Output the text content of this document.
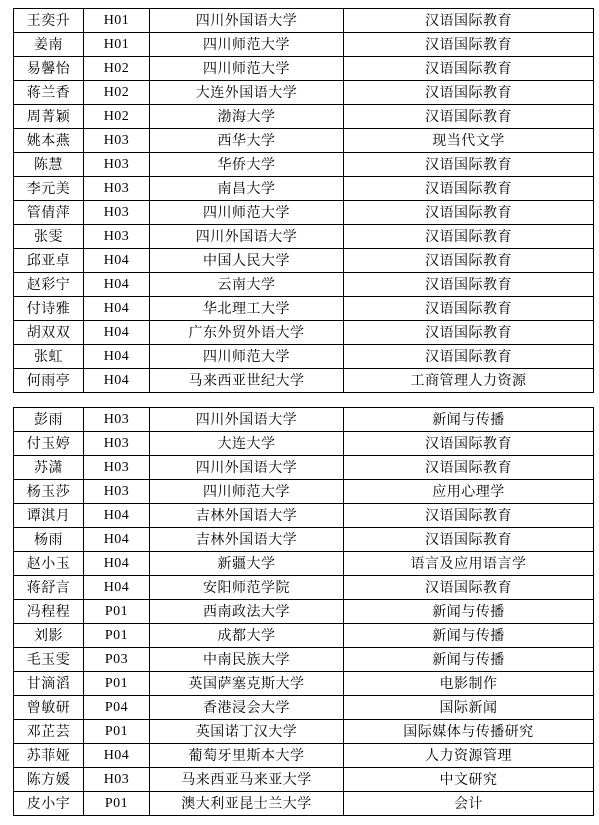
王奕升	H01	四川外国语大学	汉语国际教育
姜南	H01	四川师范大学	汉语国际教育
易馨怡	H02	四川师范大学	汉语国际教育
蒋兰香	H02	大连外国语大学	汉语国际教育
周菁颖	H02	渤海大学	汉语国际教育
姚本燕	H03	西华大学	现当代文学
陈慧	H03	华侨大学	汉语国际教育
李元美	H03	南昌大学	汉语国际教育
管倩萍	H03	四川师范大学	汉语国际教育
张雯	H03	四川外国语大学	汉语国际教育
邱亚卓	H04	中国人民大学	汉语国际教育
赵彩宁	H04	云南大学	汉语国际教育
付诗雅	H04	华北理工大学	汉语国际教育
胡双双	H04	广东外贸外语大学	汉语国际教育
张虹	H04	四川师范大学	汉语国际教育
何雨亭	H04	马来西亚世纪大学	工商管理人力资源
彭雨	H03	四川外国语大学	新闻与传播
付玉婷	H03	大连大学	汉语国际教育
苏潇	H03	四川外国语大学	汉语国际教育
杨玉莎	H03	四川师范大学	应用心理学
谭淇月	H04	吉林外国语大学	汉语国际教育
杨雨	H04	吉林外国语大学	汉语国际教育
赵小玉	H04	新疆大学	语言及应用语言学
蒋舒言	H04	安阳师范学院	汉语国际教育
冯程程	P01	西南政法大学	新闻与传播
刘影	P01	成都大学	新闻与传播
毛玉雯	P03	中南民族大学	新闻与传播
甘滴滔	P01	英国萨塞克斯大学	电影制作
曾敏研	P04	香港浸会大学	国际新闻
邓芷芸	P01	英国诺丁汉大学	国际媒体与传播研究
苏菲娅	H04	葡萄牙里斯本大学	人力资源管理
陈方媛	H03	马来西亚马来亚大学	中文研究
皮小宇	P01	澳大利亚昆士兰大学	会计
